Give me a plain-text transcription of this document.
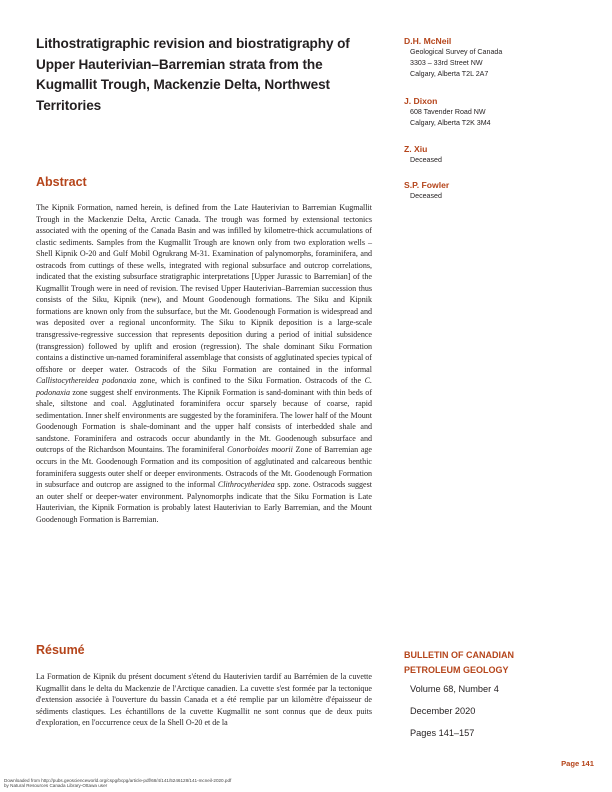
Lithostratigraphic revision and biostratigraphy of Upper Hauterivian–Barremian strata from the Kugmallit Trough, Mackenzie Delta, Northwest Territories
Abstract

The Kipnik Formation, named herein, is defined from the Late Hauterivian to Barremian Kugmallit Trough in the Mackenzie Delta, Arctic Canada. The trough was formed by extensional tectonics associated with the opening of the Canada Basin and was infilled by kilometre-thick accumulations of clastic sediments. Samples from the Kugmallit Trough are known only from two exploration wells – Shell Kipnik O-20 and Gulf Mobil Ogrukrang M-31. Examination of palynomorphs, foraminifera, and ostracods from cuttings of these wells, integrated with regional subsurface and outcrop correlations, indicated that the existing subsurface stratigraphic interpretations [Upper Jurassic to Barremian] of the Kugmallit Trough were in need of revision. The revised Upper Hauterivian–Barremian succession thus consists of the Siku, Kipnik (new), and Mount Goodenough formations. The Siku and Kipnik formations are known only from the subsurface, but the Mt. Goodenough Formation is widespread and was deposited over a regional unconformity. The Siku to Kipnik deposition is a large-scale transgressive-regressive succession that represents deposition during a period of initial subsidence (transgression) followed by uplift and erosion (regression). The shale dominant Siku Formation contains a distinctive un-named foraminiferal assemblage that consists of agglutinated species typical of offshore or deeper water. Ostracods of the Siku Formation are contained in the informal Callistocythereidea podonaxia zone, which is confined to the Siku Formation. Ostracods of the C. podonaxia zone suggest shelf environments. The Kipnik Formation is sand-dominant with thin beds of shale, siltstone and coal. Agglutinated foraminifera occur sparsely because of coarse, rapid sedimentation. Inner shelf environments are suggested by the foraminifera. The lower half of the Mount Goodenough Formation is shale-dominant and the upper half consists of interbedded shale and sandstone. Foraminifera and ostracods occur abundantly in the Mt. Goodenough subsurface and outcrops of the Richardson Mountains. The foraminiferal Conorboides moorii Zone of Barremian age occurs in the Mt. Goodenough Formation and its composition of agglutinated and calcareous benthic foraminifera suggests outer shelf or deeper environments. Ostracods of the Mt. Goodenough Formation in subsurface and outcrop are assigned to the informal Clithrocytheridea spp. zone. Ostracods suggest an outer shelf or deeper-water environment. Palynomorphs indicate that the Siku Formation is Late Hauterivian, the Kipnik Formation is probably latest Hauterivian to Early Barremian, and the Mount Goodenough Formation is Barremian.

Résumé

La Formation de Kipnik du présent document s'étend du Hauterivien tardif au Barrémien de la cuvette Kugmallit dans le delta du Mackenzie de l'Arctique canadien. La cuvette s'est formée par la tectonique d'extension associée à l'ouverture du bassin Canada et a été remplie par un kilomètre d'épaisseur de sédiments clastiques. Les échantillons de la cuvette Kugmallit ne sont connus que de deux puits d'exploration, en l'occurrence ceux de la Shell O-20 et de la

D.H. McNeil
Geological Survey of Canada
3303 – 33rd Street NW
Calgary, Alberta T2L 2A7
J. Dixon
608 Tavender Road NW
Calgary, Alberta T2K 3M4
Z. Xiu
Deceased
S.P. Fowler
Deceased
BULLETIN OF CANADIAN
PETROLEUM GEOLOGY
Volume 68, Number 4
December 2020
Pages 141–157
Page 141
Downloaded from http://pubs.geoscienceworld.org/cspg/bcpg/article-pdf/68/4/141/5246128/141-mcneil-2020.pdf
by Natural Resources Canada Library-Ottawa user
